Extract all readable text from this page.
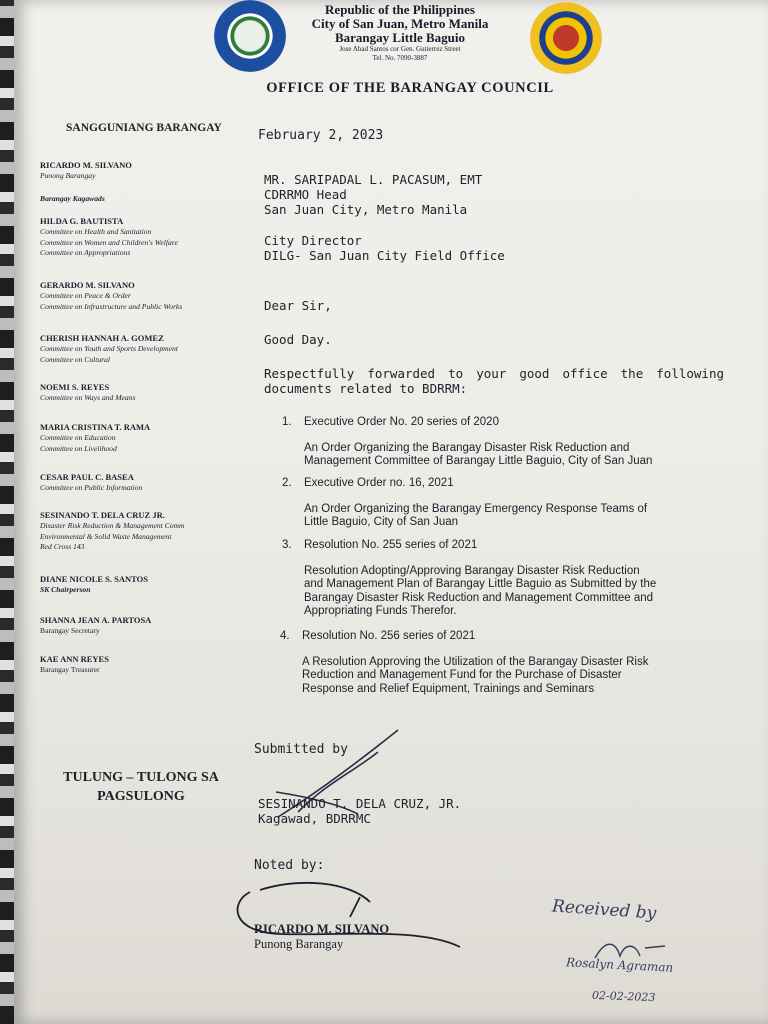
Republic of the Philippines
City of San Juan, Metro Manila
Barangay Little Baguio
Jose Abad Santos cor Gen. Gutierrez Street
Tel. No. 7090-3887
OFFICE OF THE BARANGAY COUNCIL
SANGGUNIANG BARANGAY
RICARDO M. SILVANO
Punong Barangay
Barangay Kagawads
HILDA G. BAUTISTA
Committee on Health and Sanitation
Committee on Women and Children's Welfare
Committee on Appropriations
GERARDO M. SILVANO
Committee on Peace & Order
Committee on Infrastructure and Public Works
CHERISH HANNAH A. GOMEZ
Committee on Youth and Sports Development
Committee on Cultural
NOEMI S. REYES
Committee on Ways and Means
MARIA CRISTINA T. RAMA
Committee on Education
Committee on Livelihood
CESAR PAUL C. BASEA
Committee on Public Information
SESINANDO T. DELA CRUZ JR.
Disaster Risk Reduction & Management Comm
Environmental & Solid Waste Management
Red Cross 143
DIANE NICOLE S. SANTOS
SK Chairperson
SHANNA JEAN A. PARTOSA
Barangay Secretary
KAE ANN REYES
Barangay Treasurer
February 2, 2023
MR. SARIPADAL L. PACASUM, EMT
CDRRMO Head
San Juan City, Metro Manila
City Director
DILG- San Juan City Field Office
Dear Sir,
Good Day.
Respectfully forwarded to your good office the following
documents related to BDRRM:
1. Executive Order No. 20 series of 2020
An Order Organizing the Barangay Disaster Risk Reduction and
Management Committee of Barangay Little Baguio, City of San Juan
2. Executive Order no. 16, 2021
An Order Organizing the Barangay Emergency Response Teams of
Little Baguio, City of San Juan
3. Resolution No. 255 series of 2021
Resolution Adopting/Approving Barangay Disaster Risk Reduction
and Management Plan of Barangay Little Baguio as Submitted by the
Barangay Disaster Risk Reduction and Management Committee and
Appropriating Funds Therefor.
4. Resolution No. 256 series of 2021
A Resolution Approving the Utilization of the Barangay Disaster Risk
Reduction and Management Fund for the Purchase of Disaster
Response and Relief Equipment, Trainings and Seminars
TULUNG – TULONG SA
PAGSULONG
Submitted by
SESINANDO T. DELA CRUZ, JR.
Kagawad, BDRRMC
Noted by:
RICARDO M. SILVANO
Punong Barangay
Received by
Rosalyn Agraman
02-02-2023
